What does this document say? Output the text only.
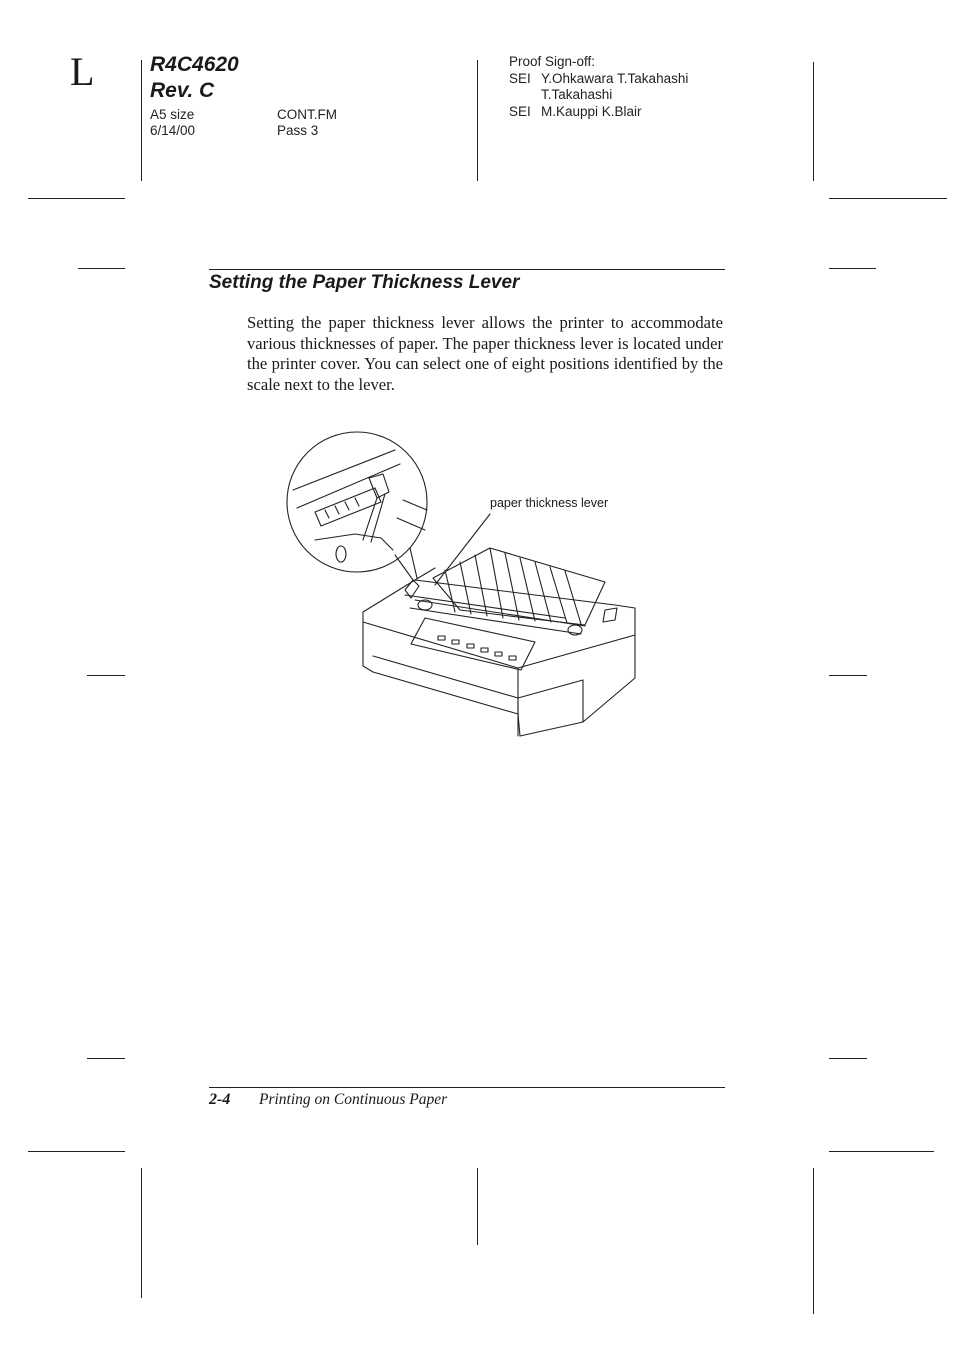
L	R4C4620
Rev. C
A5 size	CONT.FM
6/14/00	Pass 3
Proof Sign-off:
SEI Y.Ohkawara T.Takahashi
T.Takahashi
SEI M.Kauppi K.Blair
Setting the Paper Thickness Lever
Setting the paper thickness lever allows the printer to accommodate various thicknesses of paper. The paper thickness lever is located under the printer cover. You can select one of eight positions identified by the scale next to the lever.
paper thickness lever
2-4 Printing on Continuous Paper
